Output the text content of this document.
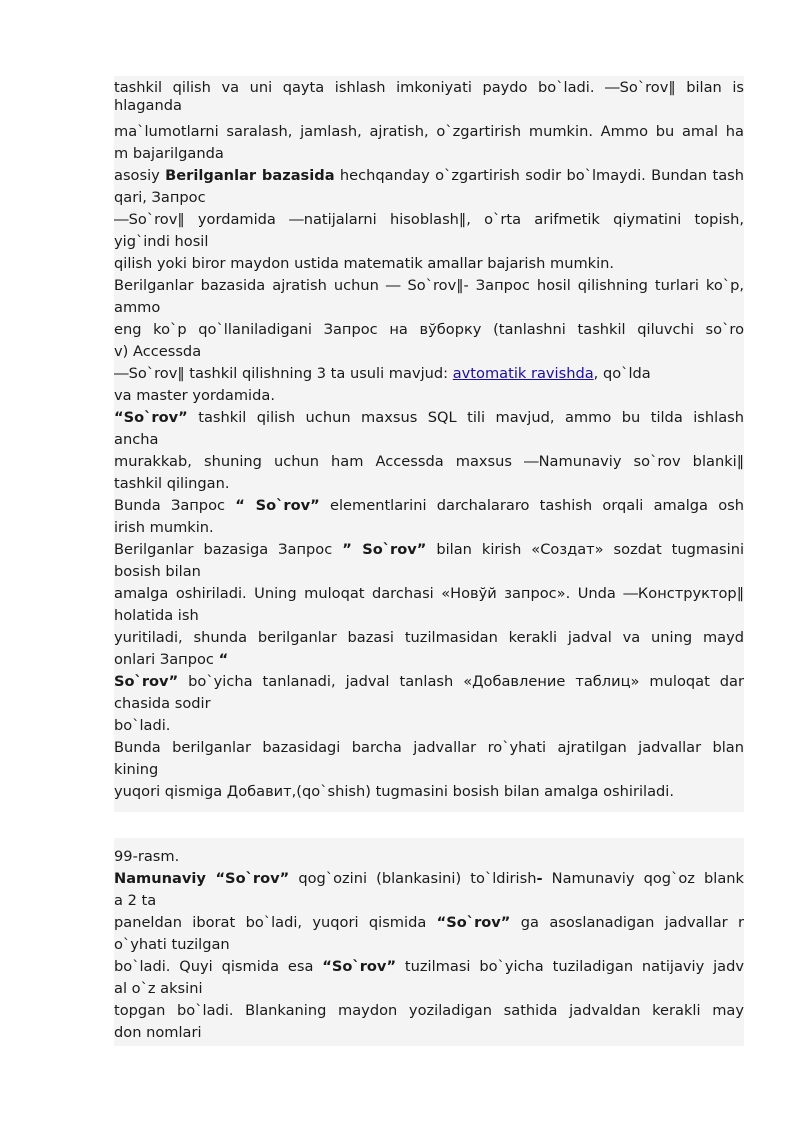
tashkil qilish va uni qayta ishlash imkoniyati paydo bo`ladi. ―So`rov‖ bilan is
hlaganda
ma`lumotlarni saralash, jamlash, ajratish, o`zgartirish mumkin. Ammo bu amal ha
m bajarilganda
asosiy Berilganlar bazasida hechqanday o`zgartirish sodir bo`lmaydi. Bundan tash
qari, Запрос
―So`rov‖ yordamida ―natijalarni hisoblash‖, o`rta arifmetik qiymatini topish,
yig`indi hosil
qilish yoki biror maydon ustida matematik amallar bajarish mumkin.
Berilganlar bazasida ajratish uchun ― So`rov‖- Запрос hosil qilishning turlari ko`p,
ammo
eng ko`p qo`llaniladigani Запрос на вўборку (tanlashni tashkil qiluvchi so`ro
v) Accessda
―So`rov‖ tashkil qilishning 3 ta usuli mavjud: avtomatik ravishda, qo`lda
va master yordamida.
“So`rov” tashkil qilish uchun maxsus SQL tili mavjud, ammo bu tilda ishlash
ancha
murakkab, shuning uchun ham Accessda maxsus ―Namunaviy so`rov blanki‖
tashkil qilingan.
Bunda Запрос “ So`rov” elementlarini darchalararo tashish orqali amalga osh
irish mumkin.
Berilganlar bazasiga Запрос ” So`rov” bilan kirish «Создат» sozdat tugmasini
bosish bilan
amalga oshiriladi. Uning muloqat darchasi «Новўй запрос». Unda ―Конструктор‖
holatida ish
yuritiladi, shunda berilganlar bazasi tuzilmasidan kerakli jadval va uning mayd
onlari Запрос “
So`rov” bo`yicha tanlanadi, jadval tanlash «Добавление таблиц» muloqat dar
chasida sodir
bo`ladi.
Bunda berilganlar bazasidagi barcha jadvallar ro`yhati ajratilgan jadvallar blan
kining
yuqori qismiga Добавит,(qo`shish) tugmasini bosish bilan amalga oshiriladi.
99-rasm.
Namunaviy “So`rov” qog`ozini (blankasini) to`ldirish- Namunaviy qog`oz blank
a 2 ta
paneldan iborat bo`ladi, yuqori qismida “So`rov” ga asoslanadigan jadvallar r
o`yhati tuzilgan
bo`ladi. Quyi qismida esa “So`rov” tuzilmasi bo`yicha tuziladigan natijaviy jadv
al o`z aksini
topgan bo`ladi. Blankaning maydon yoziladigan sathida jadvaldan kerakli may
don nomlari
